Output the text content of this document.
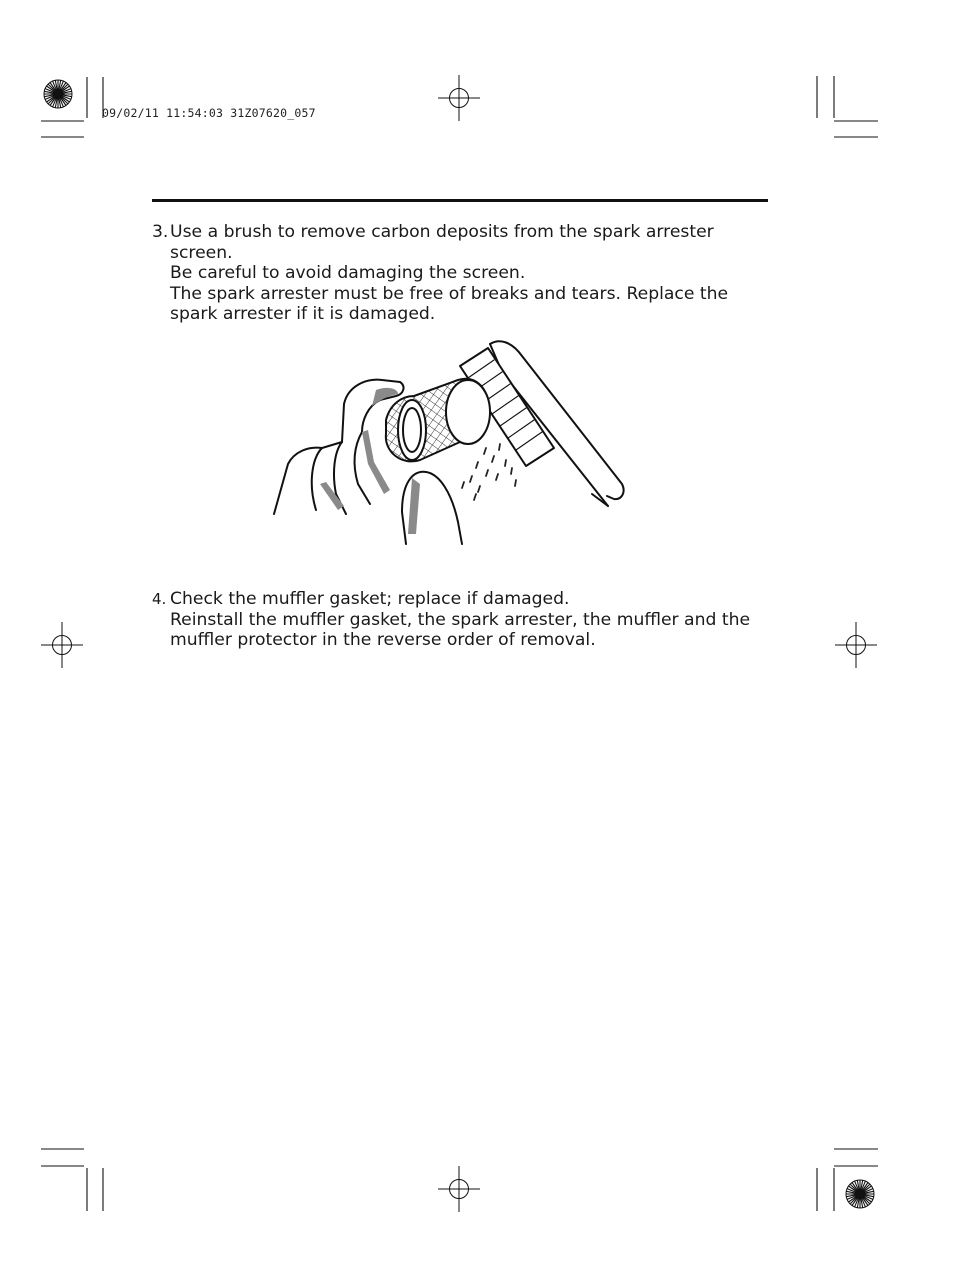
09/02/11 11:54:03 31Z07620_057
3. Use a brush to remove carbon deposits from the spark arrester
screen.
Be careful to avoid damaging the screen.
The spark arrester must be free of breaks and tears. Replace the
spark arrester if it is damaged.
4. Check the muffler gasket; replace if damaged.
Reinstall the muffler gasket, the spark arrester, the muffler and the
muffler protector in the reverse order of removal.
